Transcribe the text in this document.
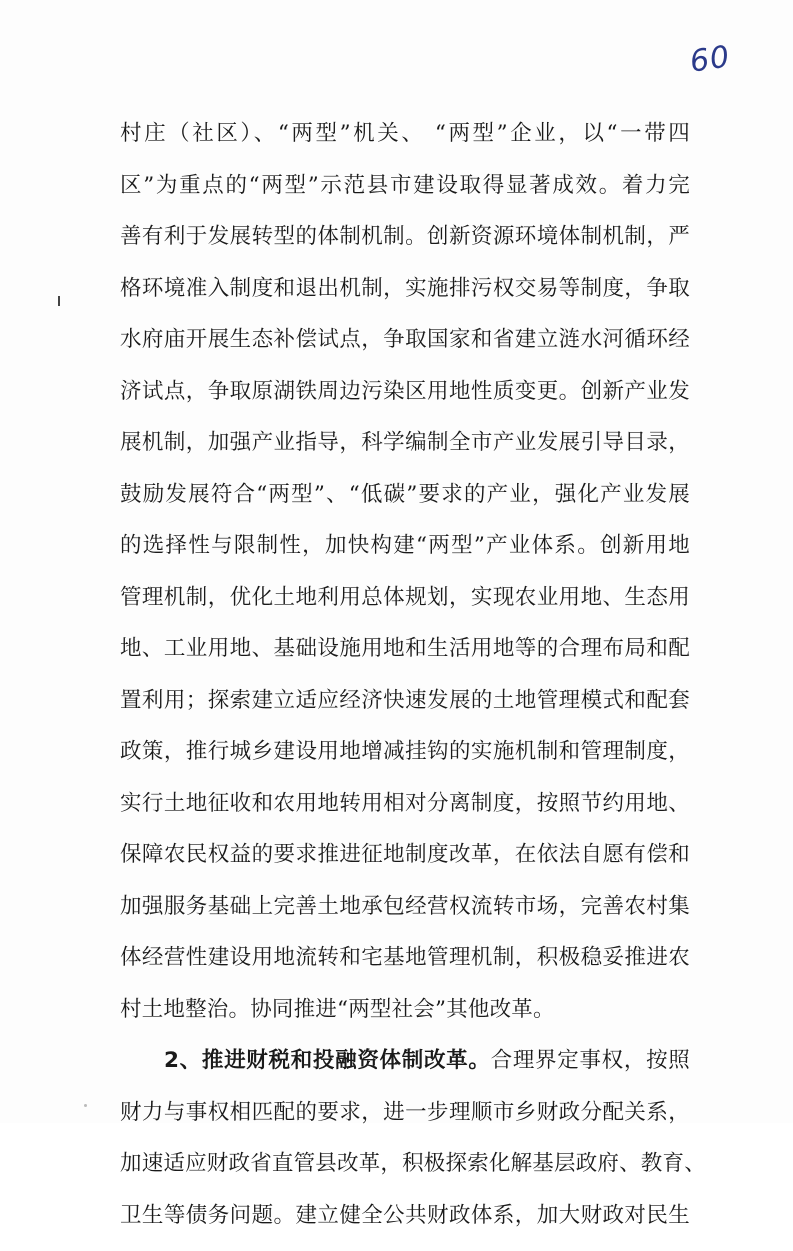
60
村庄（社区）、“两型”机关、 “两型”企业，以“一带四
区”为重点的“两型”示范县市建设取得显著成效。着力完
善有利于发展转型的体制机制。创新资源环境体制机制，严
格环境准入制度和退出机制，实施排污权交易等制度，争取
水府庙开展生态补偿试点，争取国家和省建立涟水河循环经
济试点，争取原湖铁周边污染区用地性质变更。创新产业发
展机制，加强产业指导，科学编制全市产业发展引导目录，
鼓励发展符合“两型”、“低碳”要求的产业，强化产业发展
的选择性与限制性，加快构建“两型”产业体系。创新用地
管理机制，优化土地利用总体规划，实现农业用地、生态用
地、工业用地、基础设施用地和生活用地等的合理布局和配
置利用；探索建立适应经济快速发展的土地管理模式和配套
政策，推行城乡建设用地增减挂钩的实施机制和管理制度，
实行土地征收和农用地转用相对分离制度，按照节约用地、
保障农民权益的要求推进征地制度改革，在依法自愿有偿和
加强服务基础上完善土地承包经营权流转市场，完善农村集
体经营性建设用地流转和宅基地管理机制，积极稳妥推进农
村土地整治。协同推进“两型社会”其他改革。
2、推进财税和投融资体制改革。合理界定事权，按照
财力与事权相匹配的要求，进一步理顺市乡财政分配关系，
加速适应财政省直管县改革，积极探索化解基层政府、教育、
卫生等债务问题。建立健全公共财政体系，加大财政对民生
